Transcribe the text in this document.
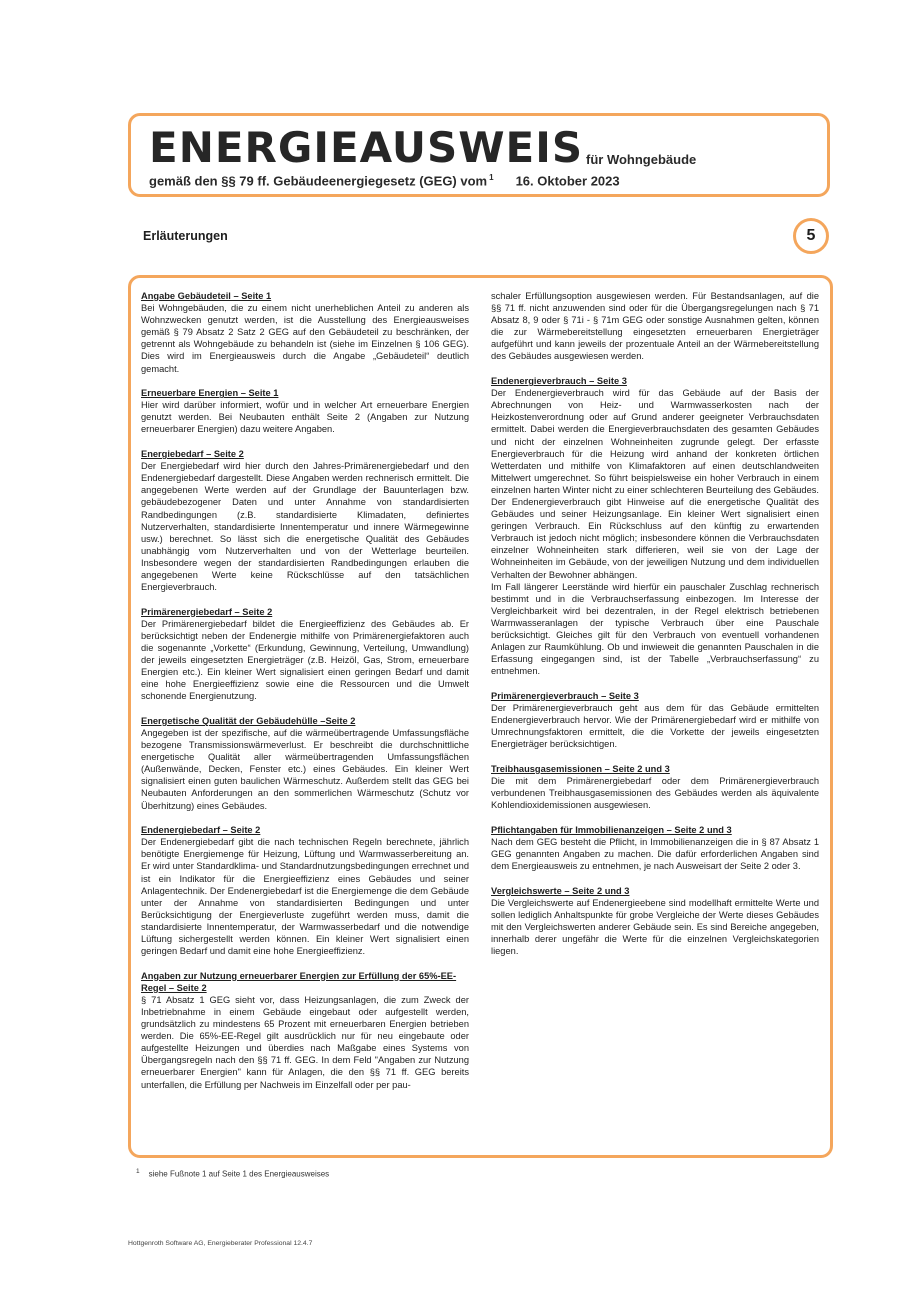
ENERGIEAUSWEIS für Wohngebäude
gemäß den §§ 79 ff. Gebäudeenergiegesetz (GEG) vom $^1$ 16. Oktober 2023
Erläuterungen	5
Angabe Gebäudeteil – Seite 1

Bei Wohngebäuden, die zu einem nicht unerheblichen Anteil zu anderen als Wohnzwecken genutzt werden, ist die Ausstellung des Energieausweises gemäß § 79 Absatz 2 Satz 2 GEG auf den Gebäudeteil zu beschränken, der getrennt als Wohngebäude zu behandeln ist (siehe im Einzelnen § 106 GEG). Dies wird im Energieausweis durch die Angabe „Gebäudeteil“ deutlich gemacht.

Erneuerbare Energien – Seite 1

Hier wird darüber informiert, wofür und in welcher Art erneuerbare Energien genutzt werden. Bei Neubauten enthält Seite 2 (Angaben zur Nutzung erneuerbarer Energien) dazu weitere Angaben.

Energiebedarf – Seite 2

Der Energiebedarf wird hier durch den Jahres-Primärenergiebedarf und den Endenergiebedarf dargestellt. Diese Angaben werden rechnerisch ermittelt. Die angegebenen Werte werden auf der Grundlage der Bauunterlagen bzw. gebäudebezogener Daten und unter Annahme von standardisierten Randbedingungen (z.B. standardisierte Klimadaten, definiertes Nutzerverhalten, standardisierte Innentemperatur und innere Wärmegewinne usw.) berechnet. So lässt sich die energetische Qualität des Gebäudes unabhängig vom Nutzerverhalten und von der Wetterlage beurteilen. Insbesondere wegen der standardisierten Randbedingungen erlauben die angegebenen Werte keine Rückschlüsse auf den tatsächlichen Energieverbrauch.

Primärenergiebedarf – Seite 2

Der Primärenergiebedarf bildet die Energieeffizienz des Gebäudes ab. Er berücksichtigt neben der Endenergie mithilfe von Primärenergiefaktoren auch die sogenannte „Vorkette“ (Erkundung, Gewinnung, Verteilung, Umwandlung) der jeweils eingesetzten Energieträger (z.B. Heizöl, Gas, Strom, erneuerbare Energien etc.). Ein kleiner Wert signalisiert einen geringen Bedarf und damit eine hohe Energieeffizienz sowie eine die Ressourcen und die Umwelt schonende Energienutzung.

Energetische Qualität der Gebäudehülle –Seite 2

Angegeben ist der spezifische, auf die wärmeübertragende Umfassungsfläche bezogene Transmissionswärmeverlust. Er beschreibt die durchschnittliche energetische Qualität aller wärmeübertragenden Umfassungsflächen (Außenwände, Decken, Fenster etc.) eines Gebäudes. Ein kleiner Wert signalisiert einen guten baulichen Wärmeschutz. Außerdem stellt das GEG bei Neubauten Anforderungen an den sommerlichen Wärmeschutz (Schutz vor Überhitzung) eines Gebäudes.

Endenergiebedarf – Seite 2

Der Endenergiebedarf gibt die nach technischen Regeln berechnete, jährlich benötigte Energiemenge für Heizung, Lüftung und Warmwasserbereitung an. Er wird unter Standardklima- und Standardnutzungsbedingungen errechnet und ist ein Indikator für die Energieeffizienz eines Gebäudes und seiner Anlagentechnik. Der Endenergiebedarf ist die Energiemenge die dem Gebäude unter der Annahme von standardisierten Bedingungen und unter Berücksichtigung der Energieverluste zugeführt werden muss, damit die standardisierte Innentemperatur, der Warmwasserbedarf und die notwendige Lüftung sichergestellt werden können. Ein kleiner Wert signalisiert einen geringen Bedarf und damit eine hohe Energieeffizienz.

Angaben zur Nutzung erneuerbarer Energien zur Erfüllung der 65%-EE-Regel – Seite 2

§ 71 Absatz 1 GEG sieht vor, dass Heizungsanlagen, die zum Zweck der Inbetriebnahme in einem Gebäude eingebaut oder aufgestellt werden, grundsätzlich zu mindestens 65 Prozent mit erneuerbaren Energien betrieben werden. Die 65%-EE-Regel gilt ausdrücklich nur für neu eingebaute oder aufgestellte Heizungen und überdies nach Maßgabe eines Systems von Übergangsregeln nach den §§ 71 ff. GEG. In dem Feld "Angaben zur Nutzung erneuerbarer Energien" kann für Anlagen, die den §§ 71 ff. GEG bereits unterfallen, die Erfüllung per Nachweis im Einzelfall oder per pau-

schaler Erfüllungsoption ausgewiesen werden. Für Bestandsanlagen, auf die §§ 71 ff. nicht anzuwenden sind oder für die Übergangsregelungen nach § 71 Absatz 8, 9 oder § 71i - § 71m GEG oder sonstige Ausnahmen gelten, können die zur Wärmebereitstellung eingesetzten erneuerbaren Energieträger aufgeführt und kann jeweils der prozentuale Anteil an der Wärmebereitstellung des Gebäudes ausgewiesen werden.

Endenergieverbrauch – Seite 3

Der Endenergieverbrauch wird für das Gebäude auf der Basis der Abrechnungen von Heiz- und Warmwasserkosten nach der Heizkostenverordnung oder auf Grund anderer geeigneter Verbrauchsdaten ermittelt. Dabei werden die Energieverbrauchsdaten des gesamten Gebäudes und nicht der einzelnen Wohneinheiten zugrunde gelegt. Der erfasste Energieverbrauch für die Heizung wird anhand der konkreten örtlichen Wetterdaten und mithilfe von Klimafaktoren auf einen deutschlandweiten Mittelwert umgerechnet. So führt beispielsweise ein hoher Verbrauch in einem einzelnen harten Winter nicht zu einer schlechteren Beurteilung des Gebäudes. Der Endenergieverbrauch gibt Hinweise auf die energetische Qualität des Gebäudes und seiner Heizungsanlage. Ein kleiner Wert signalisiert einen geringen Verbrauch. Ein Rückschluss auf den künftig zu erwartenden Verbrauch ist jedoch nicht möglich; insbesondere können die Verbrauchsdaten einzelner Wohneinheiten stark differieren, weil sie von der Lage der Wohneinheiten im Gebäude, von der jeweiligen Nutzung und dem individuellen Verhalten der Bewohner abhängen.

Im Fall längerer Leerstände wird hierfür ein pauschaler Zuschlag rechnerisch bestimmt und in die Verbrauchserfassung einbezogen. Im Interesse der Vergleichbarkeit wird bei dezentralen, in der Regel elektrisch betriebenen Warmwasseranlagen der typische Verbrauch über eine Pauschale berücksichtigt. Gleiches gilt für den Verbrauch von eventuell vorhandenen Anlagen zur Raumkühlung. Ob und inwieweit die genannten Pauschalen in die Erfassung eingegangen sind, ist der Tabelle „Verbrauchserfassung“ zu entnehmen.

Primärenergieverbrauch – Seite 3

Der Primärenergieverbrauch geht aus dem für das Gebäude ermittelten Endenergieverbrauch hervor. Wie der Primärenergiebedarf wird er mithilfe von Umrechnungsfaktoren ermittelt, die die Vorkette der jeweils eingesetzten Energieträger berücksichtigen.

Treibhausgasemissionen – Seite 2 und 3

Die mit dem Primärenergiebedarf oder dem Primärenergieverbrauch verbundenen Treibhausgasemissionen des Gebäudes werden als äquivalente Kohlendioxidemissionen ausgewiesen.

Pflichtangaben für Immobilienanzeigen – Seite 2 und 3

Nach dem GEG besteht die Pflicht, in Immobilienanzeigen die in § 87 Absatz 1 GEG genannten Angaben zu machen. Die dafür erforderlichen Angaben sind dem Energieausweis zu entnehmen, je nach Ausweisart der Seite 2 oder 3.

Vergleichswerte – Seite 2 und 3

Die Vergleichswerte auf Endenergieebene sind modellhaft ermittelte Werte und sollen lediglich Anhaltspunkte für grobe Vergleiche der Werte dieses Gebäudes mit den Vergleichswerten anderer Gebäude sein. Es sind Bereiche angegeben, innerhalb derer ungefähr die Werte für die einzelnen Vergleichskategorien liegen.

$^1$ siehe Fußnote 1 auf Seite 1 des Energieausweises
Hottgenroth Software AG, Energieberater Professional 12.4.7
